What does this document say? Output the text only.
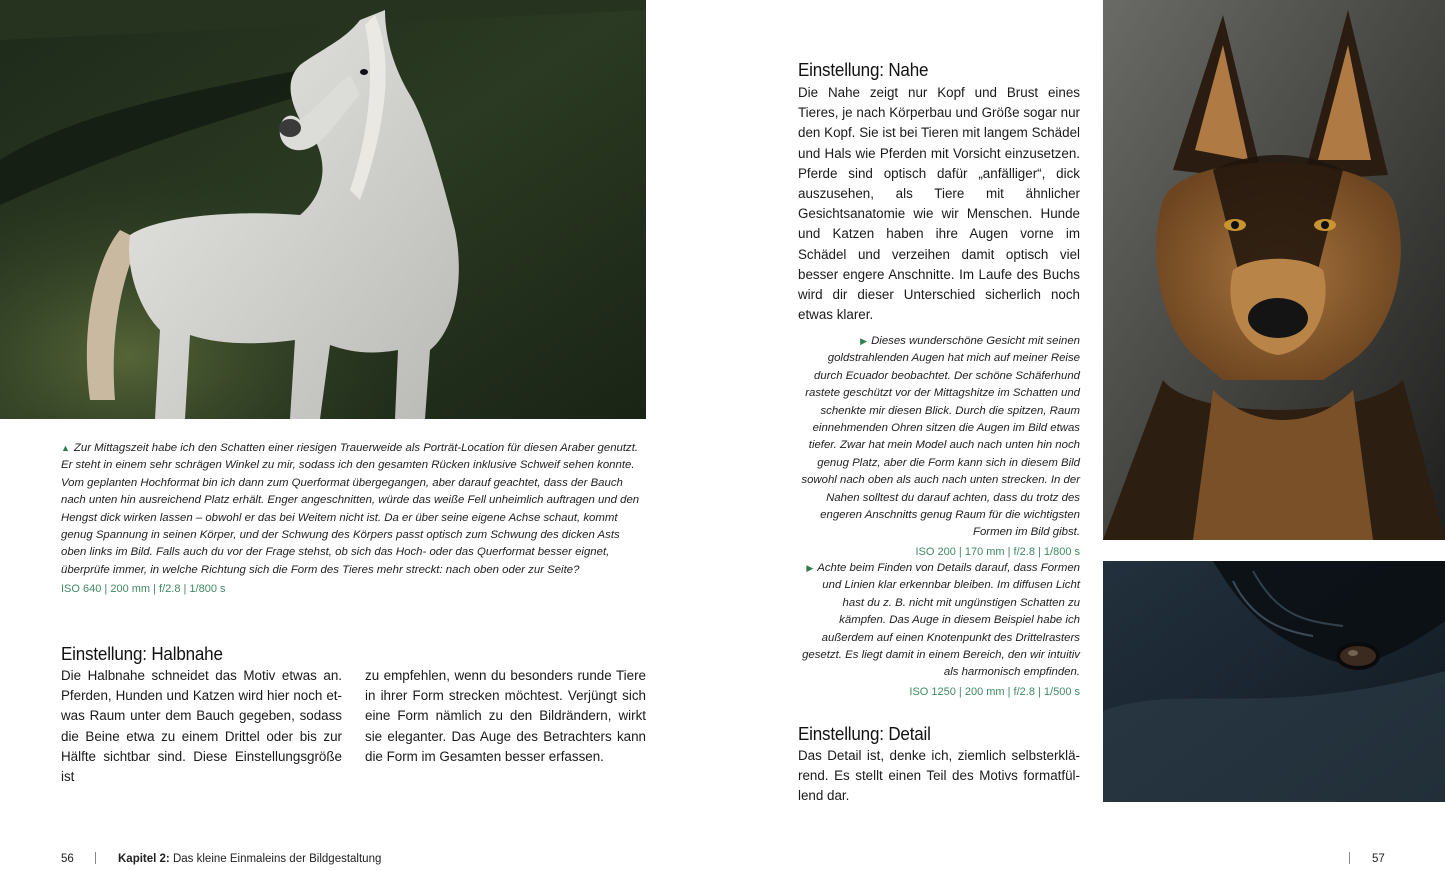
▲ Zur Mittagszeit habe ich den Schatten einer riesigen Trauerweide als Porträt-Location für diesen Araber genutzt. Er steht in einem sehr schrägen Winkel zu mir, sodass ich den gesamten Rücken inklusive Schweif sehen konnte. Vom geplanten Hochformat bin ich dann zum Querformat übergegangen, aber darauf geachtet, dass der Bauch nach unten hin ausreichend Platz erhält. Enger angeschnitten, würde das weiße Fell unheimlich auftragen und den Hengst dick wirken lassen – obwohl er das bei Weitem nicht ist. Da er über seine eigene Achse schaut, kommt genug Spannung in seinen Körper, und der Schwung des Körpers passt optisch zum Schwung des dicken Asts oben links im Bild. Falls auch du vor der Frage stehst, ob sich das Hoch- oder das Querformat besser eignet, überprüfe immer, in welche Richtung sich die Form des Tieres mehr streckt: nach oben oder zur Seite?
ISO 640 | 200 mm | f/2.8 | 1/800 s
Einstellung: Halbnahe
Die Halbnahe schneidet das Motiv etwas an. Pferden, Hunden und Katzen wird hier noch etwas Raum unter dem Bauch gegeben, sodass die Beine etwa zu einem Drittel oder bis zur Hälfte sichtbar sind. Diese Einstellungsgröße ist
zu empfehlen, wenn du besonders runde Tiere in ihrer Form strecken möchtest. Verjüngt sich eine Form nämlich zu den Bildrändern, wirkt sie eleganter. Das Auge des Betrachters kann die Form im Gesamten besser erfassen.
56	Kapitel 2: Das kleine Einmaleins der Bildgestaltung
Einstellung: Nahe
Die Nahe zeigt nur Kopf und Brust eines Tieres, je nach Körperbau und Größe sogar nur den Kopf. Sie ist bei Tieren mit langem Schädel und Hals wie Pferden mit Vorsicht einzusetzen. Pferde sind optisch dafür „anfälliger“, dick auszusehen, als Tiere mit ähnlicher Gesichtsanatomie wie wir Menschen. Hunde und Katzen haben ihre Augen vorne im Schädel und verzeihen damit optisch viel besser engere Anschnitte. Im Laufe des Buchs wird dir dieser Unterschied sicherlich noch etwas klarer.
▶ Dieses wunderschöne Gesicht mit seinen goldstrahlenden Augen hat mich auf meiner Reise durch Ecuador beobachtet. Der schöne Schäferhund rastete geschützt vor der Mittagshitze im Schatten und schenkte mir diesen Blick. Durch die spitzen, Raum einnehmenden Ohren sitzen die Augen im Bild etwas tiefer. Zwar hat mein Model auch nach unten hin noch genug Platz, aber die Form kann sich in diesem Bild sowohl nach oben als auch nach unten strecken. In der Nahen solltest du darauf achten, dass du trotz des engeren Anschnitts genug Raum für die wichtigsten Formen im Bild gibst.
ISO 200 | 170 mm | f/2.8 | 1/800 s
▶ Achte beim Finden von Details darauf, dass Formen und Linien klar erkennbar bleiben. Im diffusen Licht hast du z. B. nicht mit ungünstigen Schatten zu kämpfen. Das Auge in diesem Beispiel habe ich außerdem auf einen Knotenpunkt des Drittelrasters gesetzt. Es liegt damit in einem Bereich, den wir intuitiv als harmonisch empfinden.
ISO 1250 | 200 mm | f/2.8 | 1/500 s
Einstellung: Detail
Das Detail ist, denke ich, ziemlich selbsterklärend. Es stellt einen Teil des Motivs formatfüllend dar.
57
